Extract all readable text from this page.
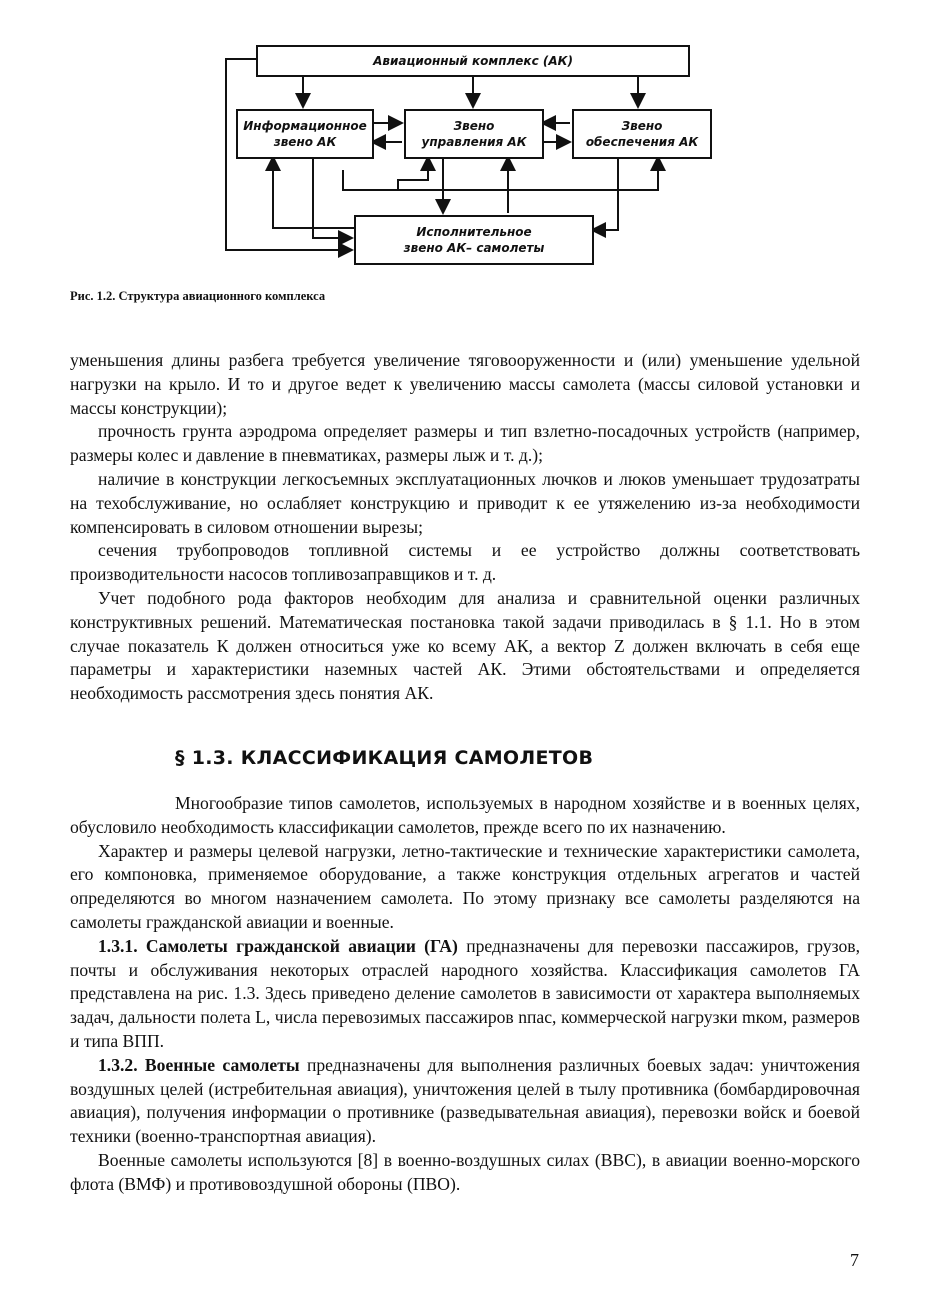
Авиационный комплекс (АК)
Информационное
звено АК
Звено
управления АК
Звено
обеспечения АК
Исполнительное
звено АК– самолеты
Рис. 1.2. Структура авиационного комплекса

уменьшения длины разбега требуется увеличение тяговооруженности и (или) уменьшение удельной нагрузки на крыло. И то и другое ведет к увеличению массы самолета (массы силовой установки и массы конструкции);

прочность грунта аэродрома определяет размеры и тип взлетно-посадочных устройств (например, размеры колес и давление в пневматиках, размеры лыж и т. д.);

наличие в конструкции легкосъемных эксплуатационных лючков и люков уменьшает трудозатраты на техобслуживание, но ослабляет конструкцию и приводит к ее утяжелению из-за необходимости компенсировать в силовом отношении вырезы;

сечения трубопроводов топливной системы и ее устройство должны соответствовать производительности насосов топливозаправщиков и т. д.

Учет подобного рода факторов необходим для анализа и сравнительной оценки различных конструктивных решений. Математическая постановка такой задачи приводилась в § 1.1. Но в этом случае показатель К должен относиться уже ко всему АК, а вектор Z должен включать в себя еще параметры и характеристики наземных частей АК. Этими обстоятельствами и определяется необходимость рассмотрения здесь понятия АК.

§ 1.3. КЛАССИФИКАЦИЯ САМОЛЕТОВ

Многообразие типов самолетов, используемых в народном хозяйстве и в военных целях, обусловило необходимость классификации самолетов, прежде всего по их назначению.

Характер и размеры целевой нагрузки, летно-тактические и технические характеристики самолета, его компоновка, применяемое оборудование, а также конструкция отдельных агрегатов и частей определяются во многом назначением самолета. По этому признаку все самолеты разделяются на самолеты гражданской авиации и военные.

1.3.1. Самолеты гражданской авиации (ГА) предназначены для перевозки пассажиров, грузов, почты и обслуживания некоторых отраслей народного хозяйства. Классификация самолетов ГА представлена на рис. 1.3. Здесь приведено деление самолетов в зависимости от характера выполняемых задач, дальности полета L, числа перевозимых пассажиров nпас, коммерческой нагрузки mком, размеров и типа ВПП.

1.3.2. Военные самолеты предназначены для выполнения различных боевых задач: уничтожения воздушных целей (истребительная авиация), уничтожения целей в тылу противника (бомбардировочная авиация), получения информации о противнике (разведывательная авиация), перевозки войск и боевой техники (военно-транспортная авиация).

Военные самолеты используются [8] в военно-воздушных силах (ВВС), в авиации военно-морского флота (ВМФ) и противовоздушной обороны (ПВО).

7
